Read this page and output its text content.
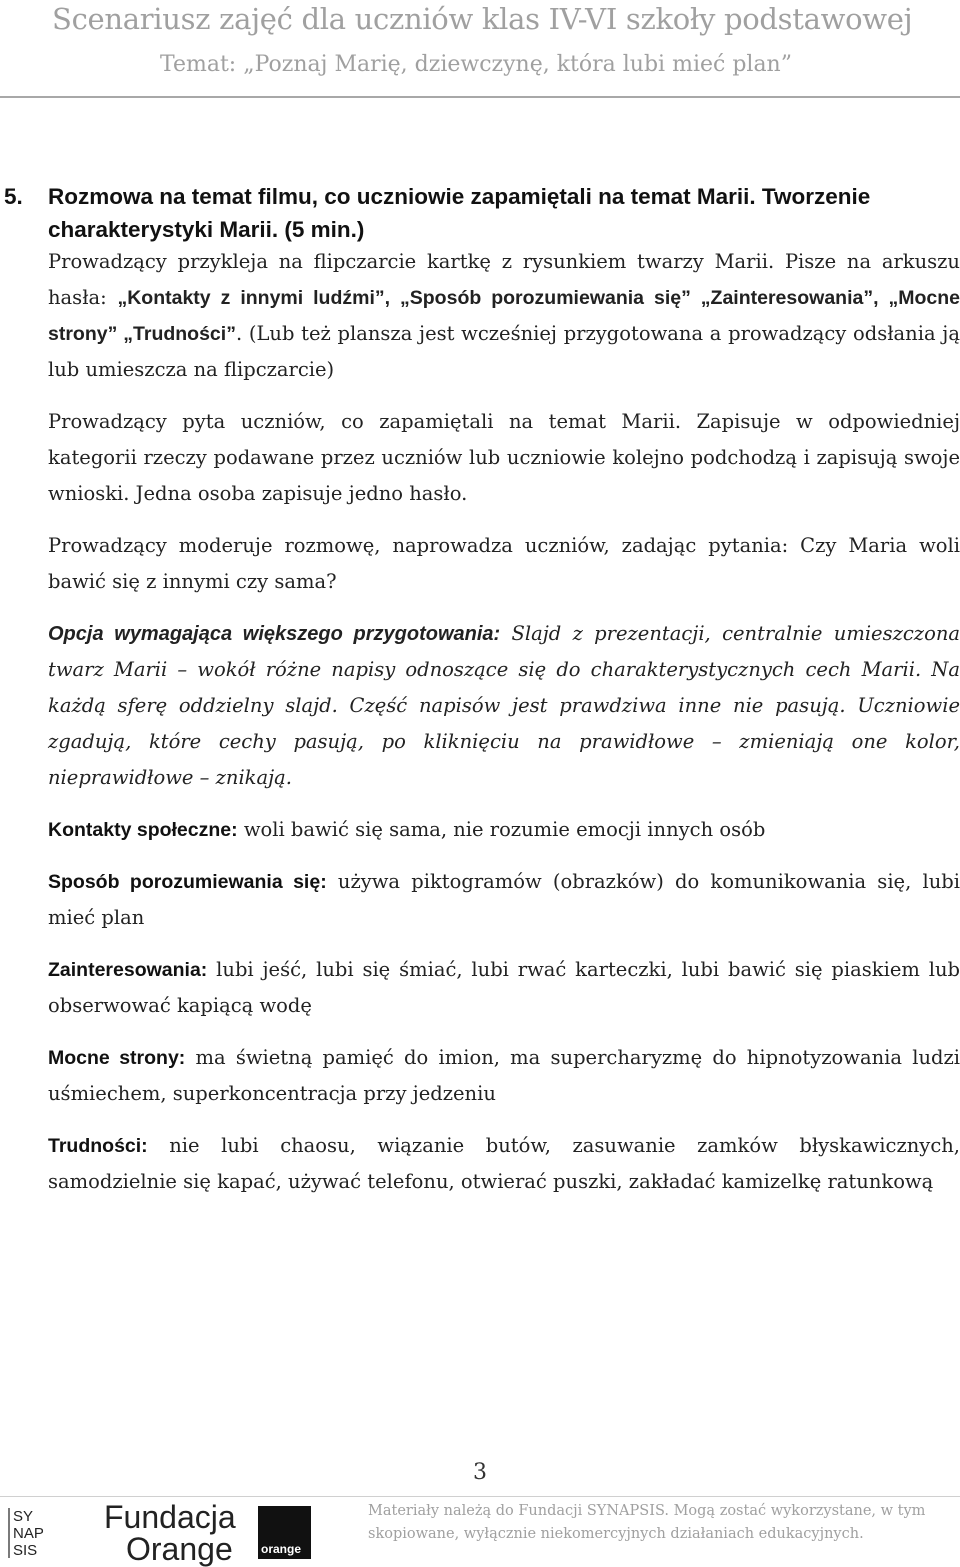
Scenariusz zajęć dla uczniów klas IV-VI szkoły podstawowej
Temat: „Poznaj Marię, dziewczynę, która lubi mieć plan”
5. Rozmowa na temat filmu, co uczniowie zapamiętali na temat Marii. Tworzenie charakterystyki Marii. (5 min.)

Prowadzący przykleja na flipczarcie kartkę z rysunkiem twarzy Marii. Pisze na arkuszu hasła: „Kontakty z innymi ludźmi”, „Sposób porozumiewania się” „Zainteresowania”, „Mocne strony” „Trudności”. (Lub też plansza jest wcześniej przygotowana a prowadzący odsłania ją lub umieszcza na flipczarcie)

Prowadzący pyta uczniów, co zapamiętali na temat Marii. Zapisuje w odpowiedniej kategorii rzeczy podawane przez uczniów lub uczniowie kolejno podchodzą i zapisują swoje wnioski. Jedna osoba zapisuje jedno hasło.

Prowadzący moderuje rozmowę, naprowadza uczniów, zadając pytania: Czy Maria woli bawić się z innymi czy sama?

Opcja wymagająca większego przygotowania: Slajd z prezentacji, centralnie umieszczona twarz Marii – wokół różne napisy odnoszące się do charakterystycznych cech Marii. Na każdą sferę oddzielny slajd. Część napisów jest prawdziwa inne nie pasują. Uczniowie zgadują, które cechy pasują, po kliknięciu na prawidłowe – zmieniają one kolor, nieprawidłowe – znikają.

Kontakty społeczne: woli bawić się sama, nie rozumie emocji innych osób

Sposób porozumiewania się: używa piktogramów (obrazków) do komunikowania się, lubi mieć plan

Zainteresowania: lubi jeść, lubi się śmiać, lubi rwać karteczki, lubi bawić się piaskiem lub obserwować kapiącą wodę

Mocne strony: ma świetną pamięć do imion, ma supercharyzmę do hipnotyzowania ludzi uśmiechem, superkoncentracja przy jedzeniu

Trudności: nie lubi chaosu, wiązanie butów, zasuwanie zamków błyskawicznych, samodzielnie się kapać, używać telefonu, otwierać puszki, zakładać kamizelkę ratunkową

3
SY
NAP
SIS
Fundacja
Orange orange
Materiały należą do Fundacji SYNAPSIS. Mogą zostać wykorzystane, w tym skopiowane, wyłącznie niekomercyjnych działaniach edukacyjnych.
